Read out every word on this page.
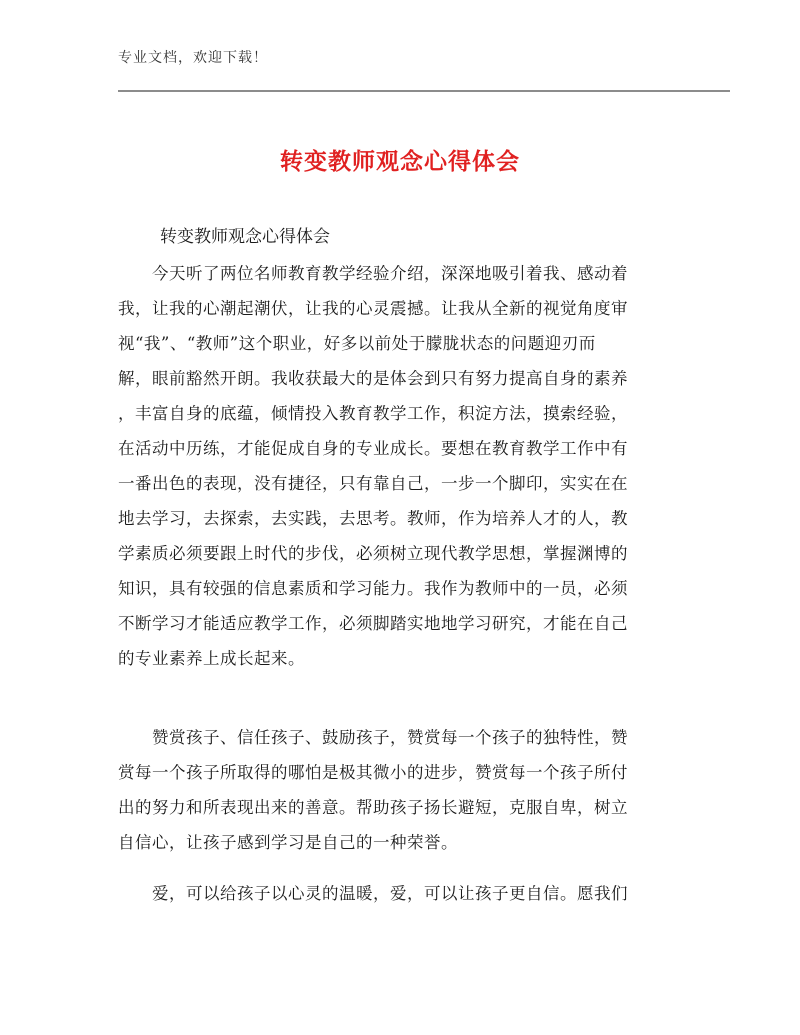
专业文档，欢迎下载！
转变教师观念心得体会
转变教师观念心得体会
今天听了两位名师教育教学经验介绍，深深地吸引着我、感动着
我，让我的心潮起潮伏，让我的心灵震撼。让我从全新的视觉角度审
视“我”、“教师”这个职业，好多以前处于朦胧状态的问题迎刃而
解，眼前豁然开朗。我收获最大的是体会到只有努力提高自身的素养
，丰富自身的底蕴，倾情投入教育教学工作，积淀方法，摸索经验，
在活动中历练，才能促成自身的专业成长。要想在教育教学工作中有
一番出色的表现，没有捷径，只有靠自己，一步一个脚印，实实在在
地去学习，去探索，去实践，去思考。教师，作为培养人才的人，教
学素质必须要跟上时代的步伐，必须树立现代教学思想，掌握渊博的
知识，具有较强的信息素质和学习能力。我作为教师中的一员，必须
不断学习才能适应教学工作，必须脚踏实地地学习研究，才能在自己
的专业素养上成长起来。
赞赏孩子、信任孩子、鼓励孩子，赞赏每一个孩子的独特性，赞
赏每一个孩子所取得的哪怕是极其微小的进步，赞赏每一个孩子所付
出的努力和所表现出来的善意。帮助孩子扬长避短，克服自卑，树立
自信心，让孩子感到学习是自己的一种荣誉。
爱，可以给孩子以心灵的温暖，爱，可以让孩子更自信。愿我们
